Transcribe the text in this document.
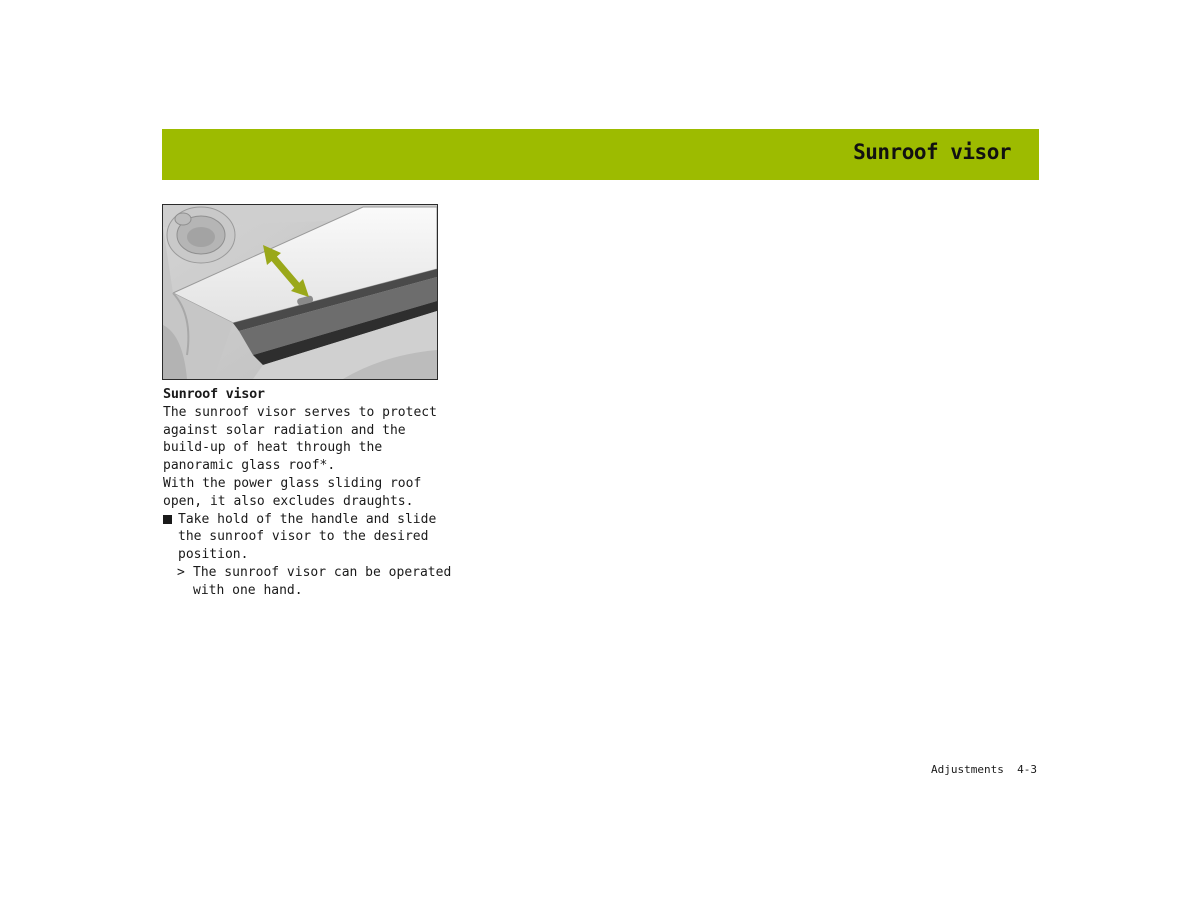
Sunroof visor

Sunroof visor

The sunroof visor serves to protect against solar radiation and the build-up of heat through the panoramic glass roof*.

With the power glass sliding roof open, it also excludes draughts.

Take hold of the handle and slide the sunroof visor to the desired position.
> The sunroof visor can be operated with one hand.
Adjustments  4-3
